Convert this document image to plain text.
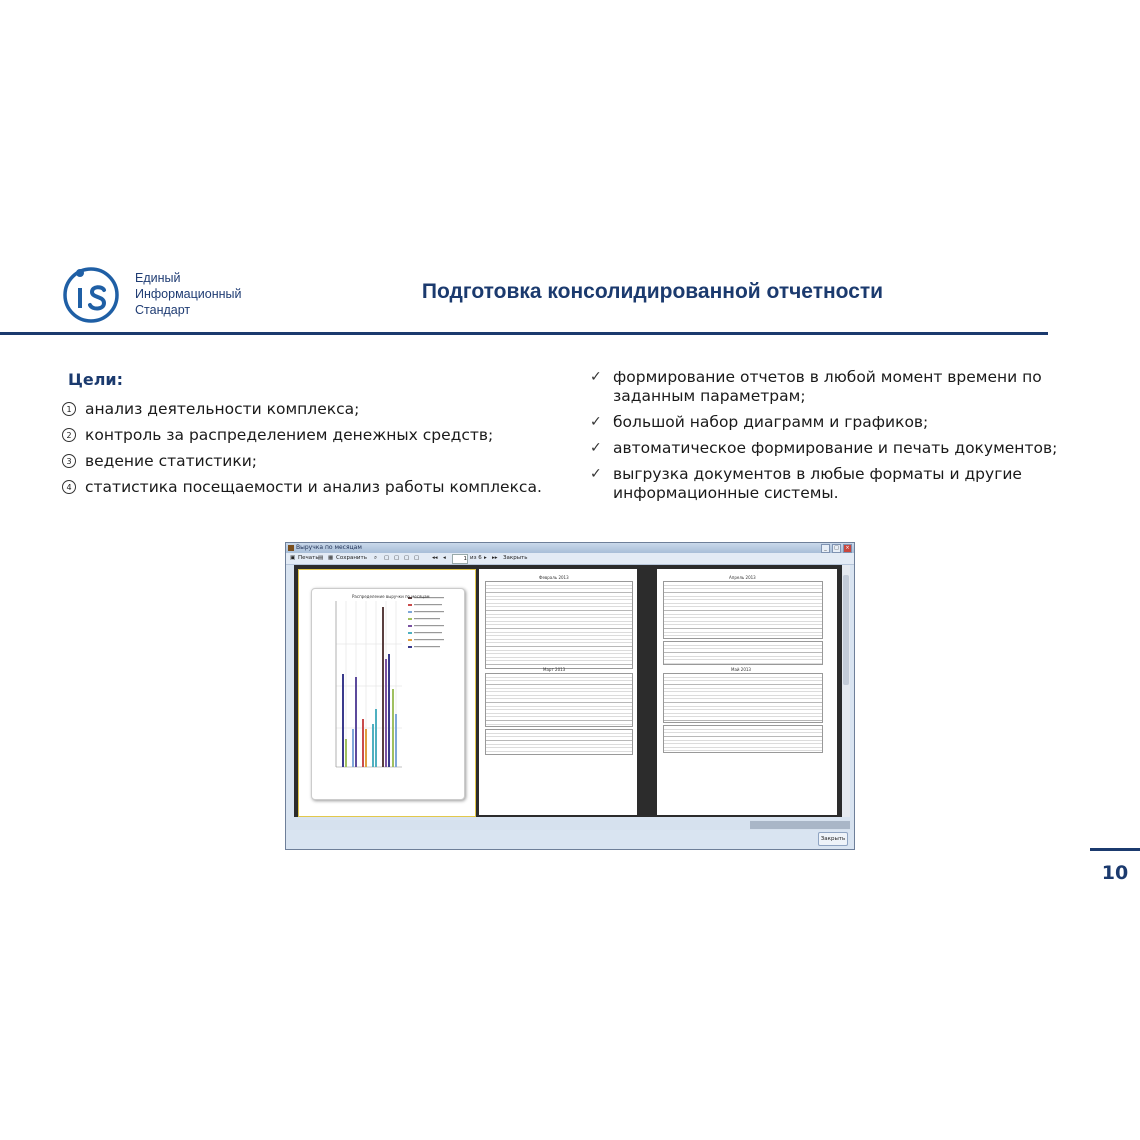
Единый
Информационный
Стандарт
Подготовка консолидированной отчетности
Цели:
1 анализ деятельности комплекса;
2 контроль за распределением денежных средств;
3 ведение статистики;
4 статистика посещаемости и анализ работы комплекса.
✓ формирование отчетов в любой момент времени по заданным параметрам;
✓ большой набор диаграмм и графиков;
✓ автоматическое формирование и печать документов;
✓ выгрузка документов в любые форматы и другие информационные системы.
Выручка по месяцам	_	□	×
▣ Печать ▤ ▦ Сохранить ⌕ ▢ ▢ ▢ ▢ ◂◂ ◂	1 из 6 ▸ ▸▸ Закрыть
Распределение выручки по месяцам
Февраль 2013
Март 2013
Апрель 2013
Май 2013
Закрыть
10
